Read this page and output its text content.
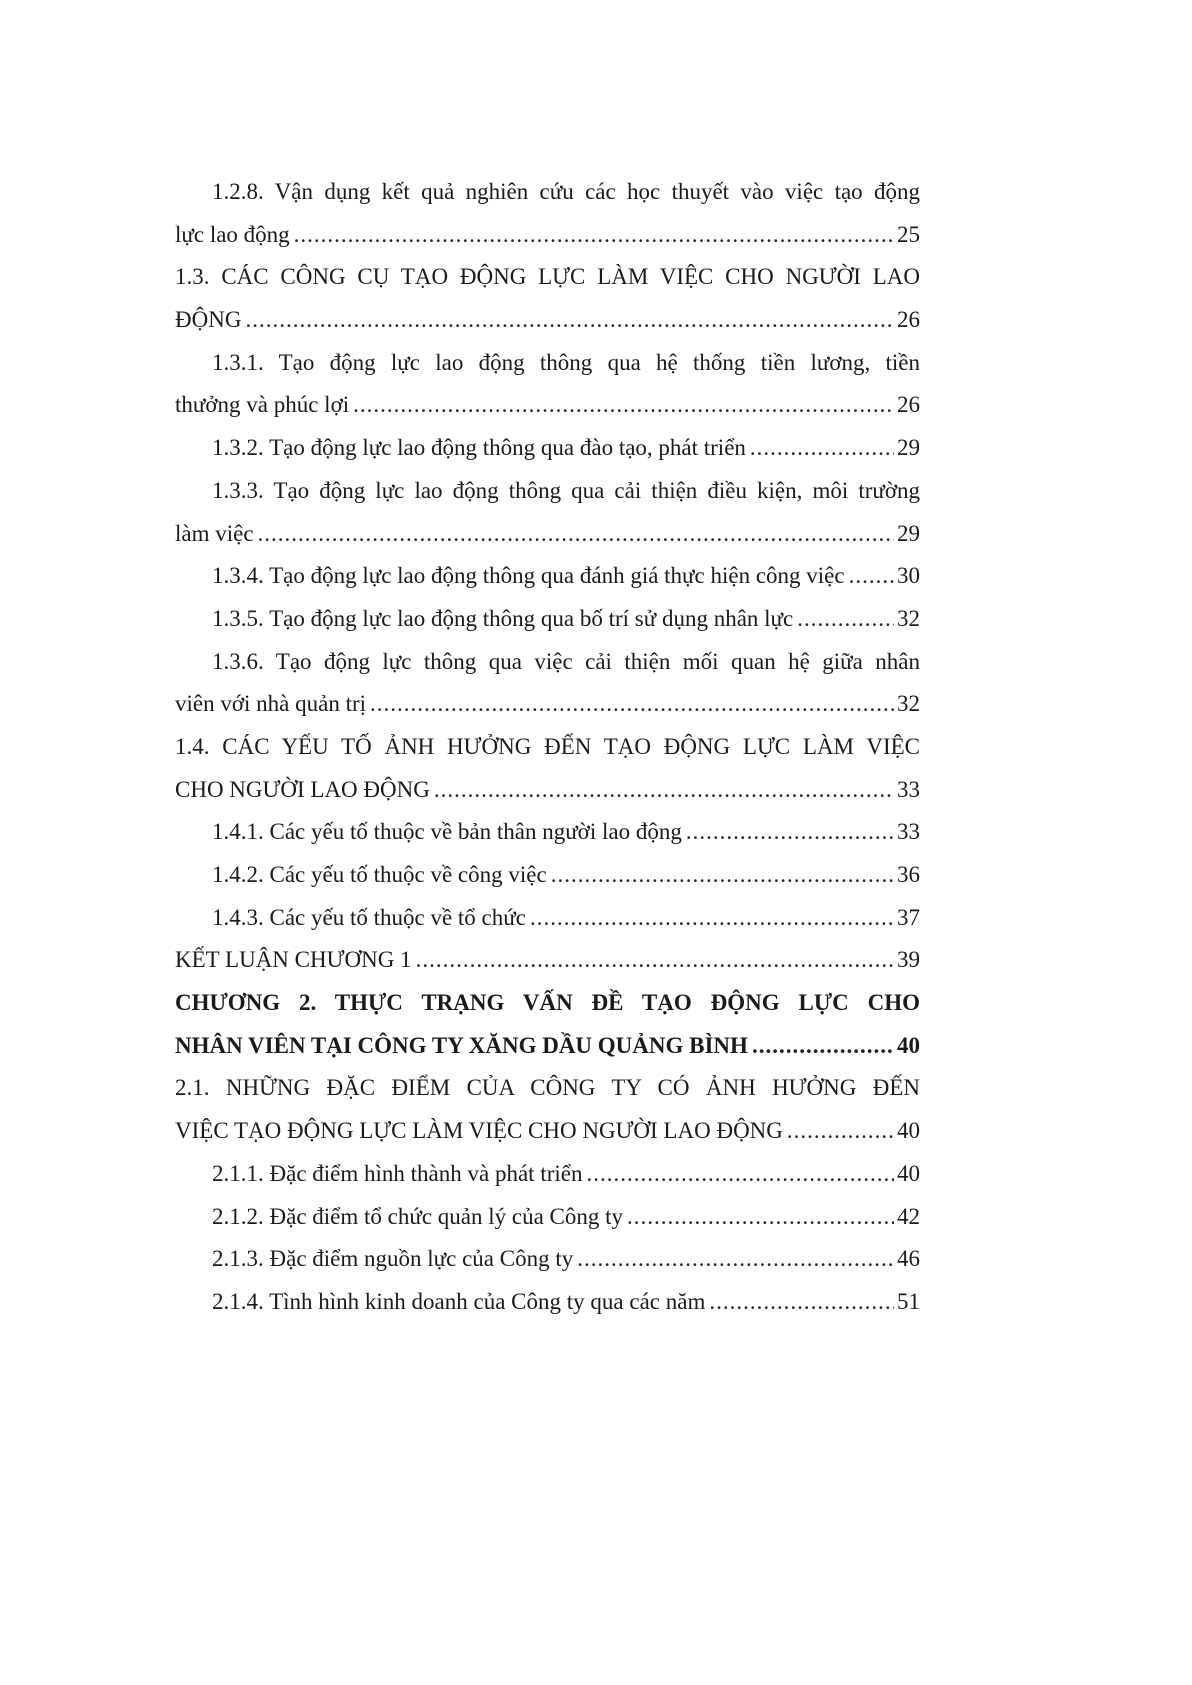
1.2.8. Vận dụng kết quả nghiên cứu các học thuyết vào việc tạo động
lực lao động .....	25
1.3. CÁC CÔNG CỤ TẠO ĐỘNG LỰC LÀM VIỆC CHO NGƯỜI LAO
ĐỘNG .....	26
1.3.1. Tạo động lực lao động thông qua hệ thống tiền lương, tiền
thưởng và phúc lợi .....	26
1.3.2. Tạo động lực lao động thông qua đào tạo, phát triển .....	29
1.3.3. Tạo động lực lao động thông qua cải thiện điều kiện, môi trường
làm việc .....	29
1.3.4. Tạo động lực lao động thông qua đánh giá thực hiện công việc ..... 30
1.3.5. Tạo động lực lao động thông qua bố trí sử dụng nhân lực .....	32
1.3.6. Tạo động lực thông qua việc cải thiện mối quan hệ giữa nhân
viên với nhà quản trị .....	32
1.4. CÁC YẾU TỐ ẢNH HƯỞNG ĐẾN TẠO ĐỘNG LỰC LÀM VIỆC
CHO NGƯỜI LAO ĐỘNG .....	33
1.4.1. Các yếu tố thuộc về bản thân người lao động .....	33
1.4.2. Các yếu tố thuộc về công việc .....	36
1.4.3. Các yếu tố thuộc về tổ chức .....	37
KẾT LUẬN CHƯƠNG 1 .....	39
CHƯƠNG 2. THỰC TRẠNG VẤN ĐỀ TẠO ĐỘNG LỰC CHO
NHÂN VIÊN TẠI CÔNG TY XĂNG DẦU QUẢNG BÌNH .....	40
2.1. NHỮNG ĐẶC ĐIỂM CỦA CÔNG TY CÓ ẢNH HƯỞNG ĐẾN
VIỆC TẠO ĐỘNG LỰC LÀM VIỆC CHO NGƯỜI LAO ĐỘNG .....	40
2.1.1. Đặc điểm hình thành và phát triển .....	40
2.1.2. Đặc điểm tổ chức quản lý của Công ty .....	42
2.1.3. Đặc điểm nguồn lực của Công ty .....	46
2.1.4. Tình hình kinh doanh của Công ty qua các năm .....	51
